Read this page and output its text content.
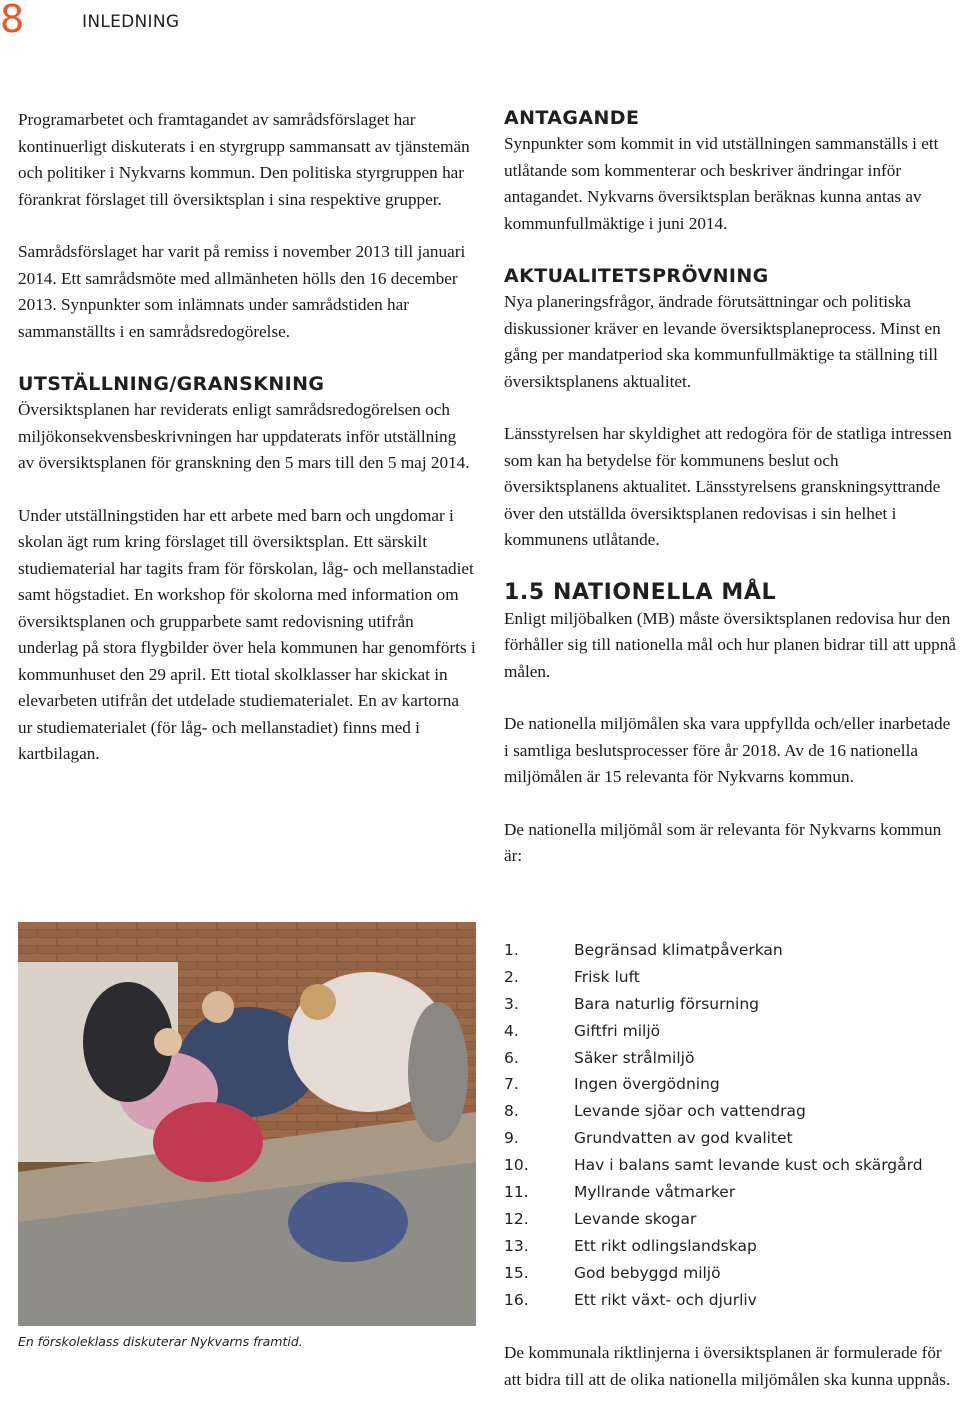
8	INLEDNING

Programarbetet och framtagandet av samrådsförslaget har kontinuerligt diskuterats i en styrgrupp sammansatt av tjänstemän och politiker i Nykvarns kommun. Den politiska styrgruppen har förankrat förslaget till översiktsplan i sina respektive grupper.

Samrådsförslaget har varit på remiss i november 2013 till januari 2014. Ett samrådsmöte med allmänheten hölls den 16 december 2013. Synpunkter som inlämnats under samrådstiden har sammanställts i en samrådsredogörelse.

UTSTÄLLNING/GRANSKNING

Översiktsplanen har reviderats enligt samrådsredogörelsen och miljökonsekvensbeskrivningen har uppdaterats inför utställning av översiktsplanen för granskning den 5 mars till den 5 maj 2014.

Under utställningstiden har ett arbete med barn och ungdomar i skolan ägt rum kring förslaget till översiktsplan. Ett särskilt studiematerial har tagits fram för förskolan, låg- och mellanstadiet samt högstadiet. En workshop för skolorna med information om översiktsplanen och grupparbete samt redovisning utifrån underlag på stora flygbilder över hela kommunen har genomförts i kommunhuset den 29 april. Ett tiotal skolklasser har skickat in elevarbeten utifrån det utdelade studiematerialet. En av kartorna ur studiematerialet (för låg- och mellanstadiet) finns med i kartbilagan.

En förskoleklass diskuterar Nykvarns framtid.
ANTAGANDE

Synpunkter som kommit in vid utställningen sammanställs i ett utlåtande som kommenterar och beskriver ändringar inför antagandet. Nykvarns översiktsplan beräknas kunna antas av kommunfullmäktige i juni 2014.

AKTUALITETSPRÖVNING

Nya planeringsfrågor, ändrade förutsättningar och politiska diskussioner kräver en levande översiktsplaneprocess. Minst en gång per mandatperiod ska kommunfullmäktige ta ställning till översiktsplanens aktualitet.

Länsstyrelsen har skyldighet att redogöra för de statliga intressen som kan ha betydelse för kommunens beslut och översiktsplanens aktualitet. Länsstyrelsens granskningsyttrande över den utställda översiktsplanen redovisas i sin helhet i kommunens utlåtande.

1.5 NATIONELLA MÅL

Enligt miljöbalken (MB) måste översiktsplanen redovisa hur den förhåller sig till nationella mål och hur planen bidrar till att uppnå målen.

De nationella miljömålen ska vara uppfyllda och/eller inarbetade i samtliga beslutsprocesser före år 2018. Av de 16 nationella miljömålen är 15 relevanta för Nykvarns kommun.

De nationella miljömål som är relevanta för Nykvarns kommun är:

1.	Begränsad klimatpåverkan
2.	Frisk luft
3.	Bara naturlig försurning
4.	Giftfri miljö
6.	Säker strålmiljö
7.	Ingen övergödning
8.	Levande sjöar och vattendrag
9.	Grundvatten av god kvalitet
10.	Hav i balans samt levande kust och skärgård
11.	Myllrande våtmarker
12.	Levande skogar
13.	Ett rikt odlingslandskap
15.	God bebyggd miljö
16.	Ett rikt växt- och djurliv

De kommunala riktlinjerna i översiktsplanen är formulerade för att bidra till att de olika nationella miljömålen ska kunna uppnås.
